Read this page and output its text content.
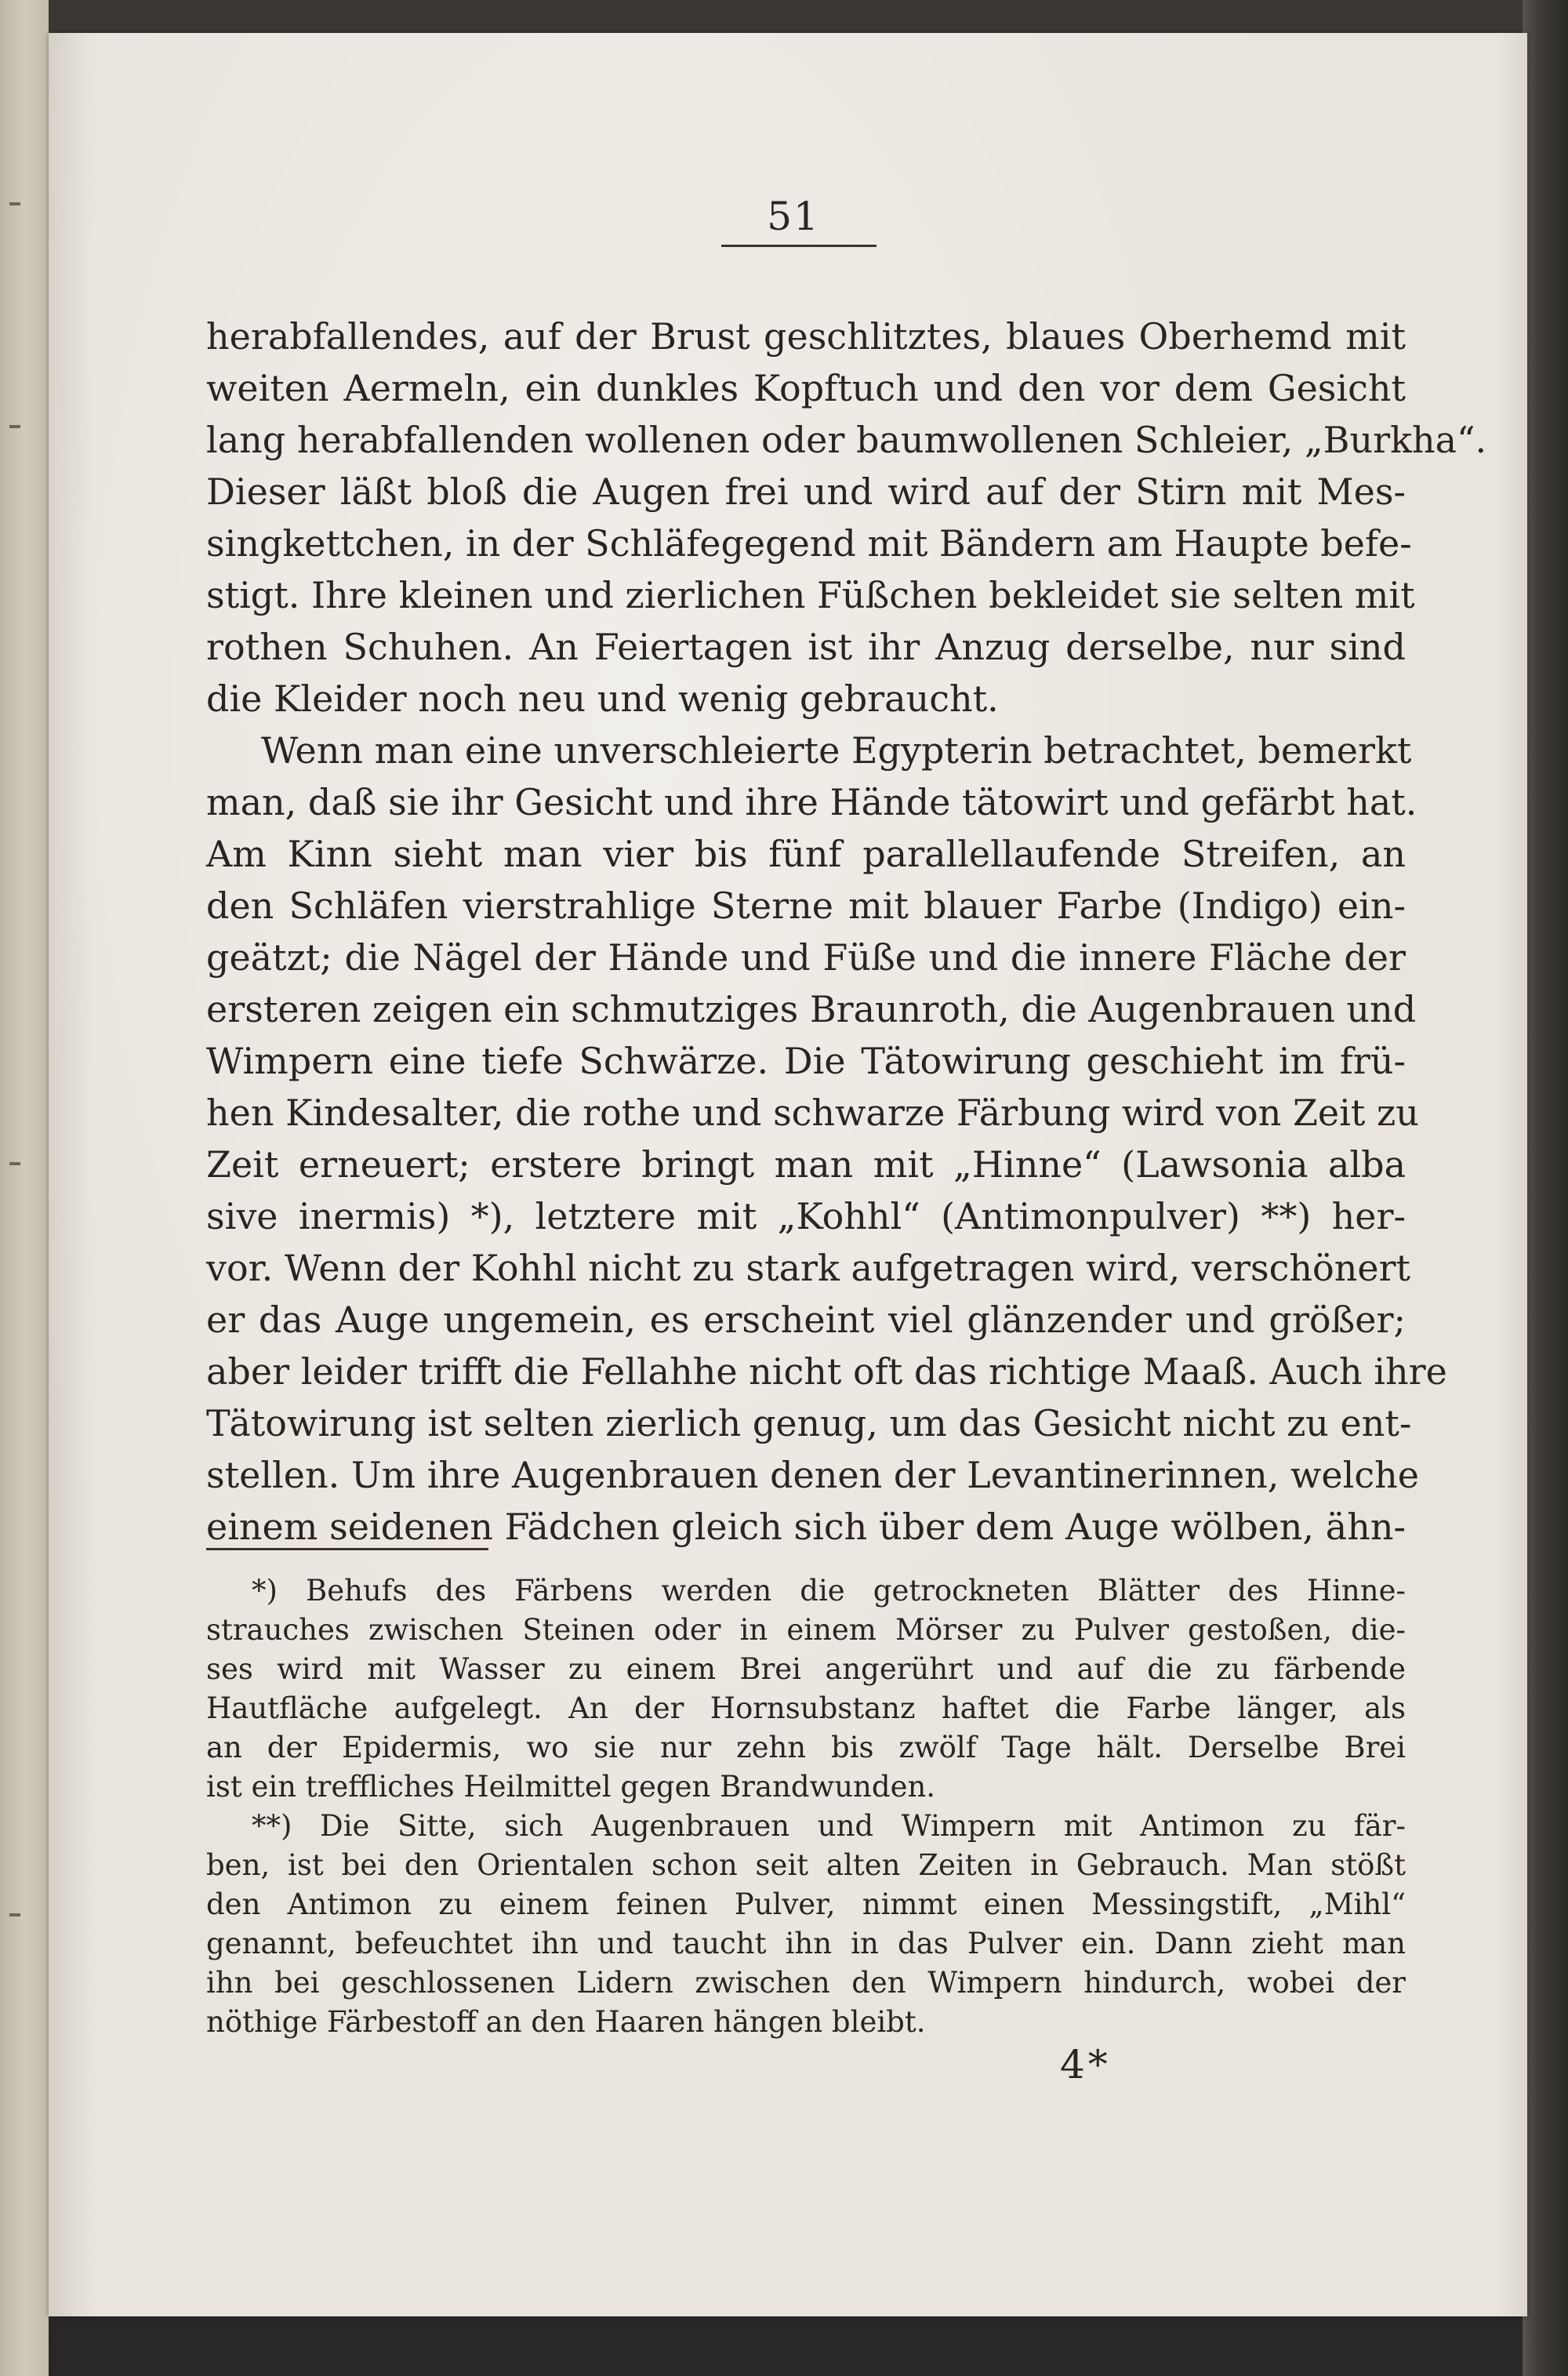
51
herabfallendes, auf der Brust geschlitztes, blaues Oberhemd mit
weiten Aermeln, ein dunkles Kopftuch und den vor dem Gesicht
lang herabfallenden wollenen oder baumwollenen Schleier, „Burkha“.
Dieser läßt bloß die Augen frei und wird auf der Stirn mit Mes-
singkettchen, in der Schläfegegend mit Bändern am Haupte befe-
stigt. Ihre kleinen und zierlichen Füßchen bekleidet sie selten mit
rothen Schuhen. An Feiertagen ist ihr Anzug derselbe, nur sind
die Kleider noch neu und wenig gebraucht.
Wenn man eine unverschleierte Egypterin betrachtet, bemerkt
man, daß sie ihr Gesicht und ihre Hände tätowirt und gefärbt hat.
Am Kinn sieht man vier bis fünf parallellaufende Streifen, an
den Schläfen vierstrahlige Sterne mit blauer Farbe (Indigo) ein-
geätzt; die Nägel der Hände und Füße und die innere Fläche der
ersteren zeigen ein schmutziges Braunroth, die Augenbrauen und
Wimpern eine tiefe Schwärze. Die Tätowirung geschieht im frü-
hen Kindesalter, die rothe und schwarze Färbung wird von Zeit zu
Zeit erneuert; erstere bringt man mit „Hinne“ (Lawsonia alba
sive inermis) *), letztere mit „Kohhl“ (Antimonpulver) **) her-
vor. Wenn der Kohhl nicht zu stark aufgetragen wird, verschönert
er das Auge ungemein, es erscheint viel glänzender und größer;
aber leider trifft die Fellahhe nicht oft das richtige Maaß. Auch ihre
Tätowirung ist selten zierlich genug, um das Gesicht nicht zu ent-
stellen. Um ihre Augenbrauen denen der Levantinerinnen, welche
einem seidenen Fädchen gleich sich über dem Auge wölben, ähn-
*) Behufs des Färbens werden die getrockneten Blätter des Hinne-
strauches zwischen Steinen oder in einem Mörser zu Pulver gestoßen, die-
ses wird mit Wasser zu einem Brei angerührt und auf die zu färbende
Hautfläche aufgelegt. An der Hornsubstanz haftet die Farbe länger, als
an der Epidermis, wo sie nur zehn bis zwölf Tage hält. Derselbe Brei
ist ein treffliches Heilmittel gegen Brandwunden.
**) Die Sitte, sich Augenbrauen und Wimpern mit Antimon zu fär-
ben, ist bei den Orientalen schon seit alten Zeiten in Gebrauch. Man stößt
den Antimon zu einem feinen Pulver, nimmt einen Messingstift, „Mihl“
genannt, befeuchtet ihn und taucht ihn in das Pulver ein. Dann zieht man
ihn bei geschlossenen Lidern zwischen den Wimpern hindurch, wobei der
nöthige Färbestoff an den Haaren hängen bleibt.
4*
